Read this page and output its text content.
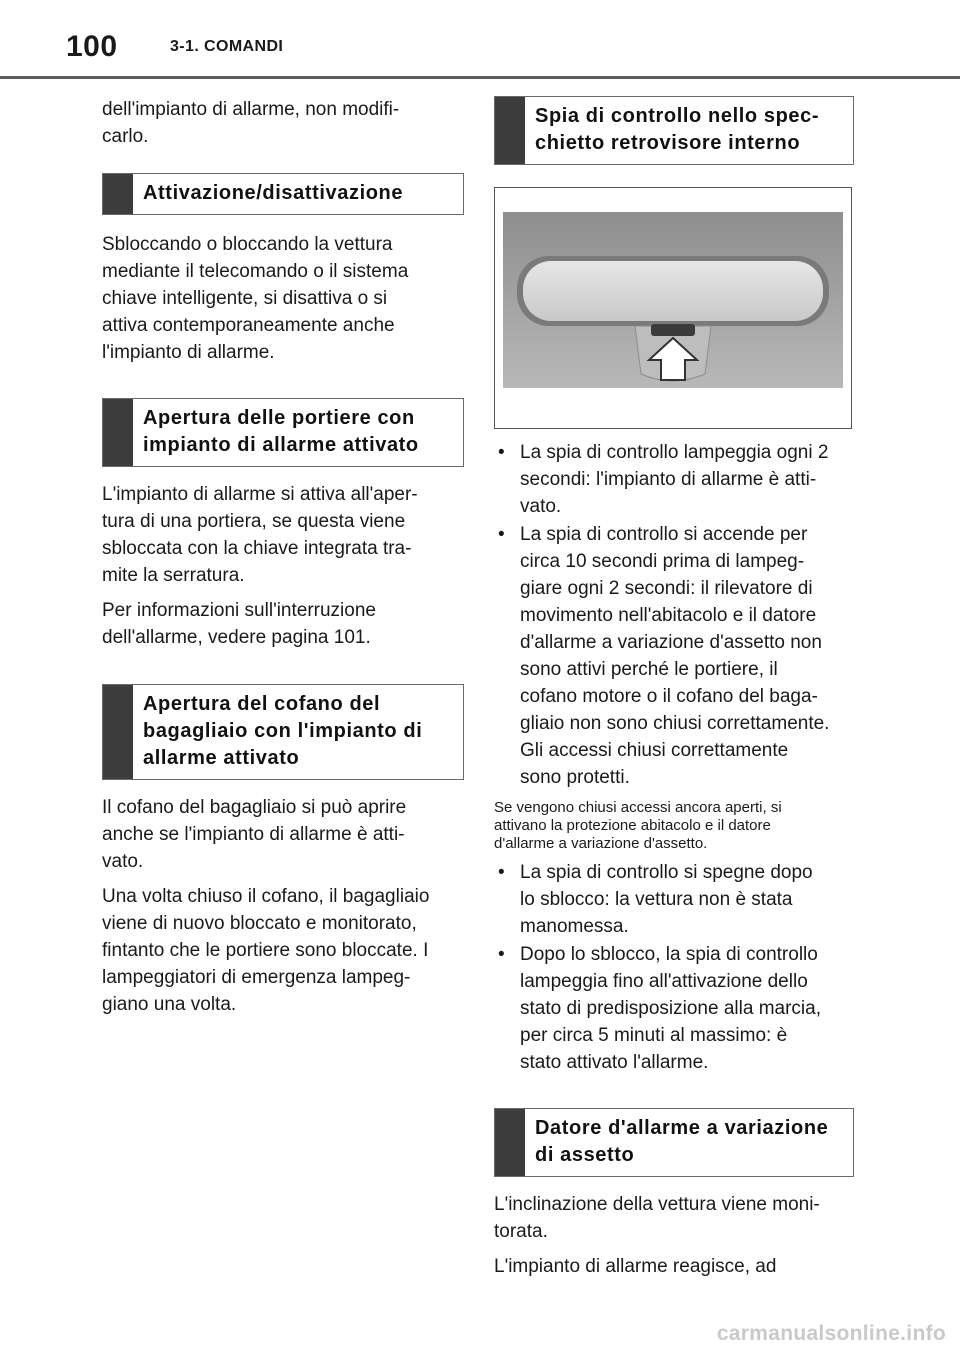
100	3-1. COMANDI

dell'impianto di allarme, non modifi-
carlo.

Attivazione/disattivazione

Sbloccando o bloccando la vettura
mediante il telecomando o il sistema
chiave intelligente, si disattiva o si
attiva contemporaneamente anche
l'impianto di allarme.

Apertura delle portiere con
impianto di allarme attivato

L'impianto di allarme si attiva all'aper-
tura di una portiera, se questa viene
sbloccata con la chiave integrata tra-
mite la serratura.

Per informazioni sull'interruzione
dell'allarme, vedere pagina 101.

Apertura del cofano del
bagagliaio con l'impianto di
allarme attivato

Il cofano del bagagliaio si può aprire
anche se l'impianto di allarme è atti-
vato.

Una volta chiuso il cofano, il bagagliaio
viene di nuovo bloccato e monitorato,
fintanto che le portiere sono bloccate. I
lampeggiatori di emergenza lampeg-
giano una volta.

Spia di controllo nello spec-
chietto retrovisore interno
• La spia di controllo lampeggia ogni 2
secondi: l'impianto di allarme è atti-
vato.
• La spia di controllo si accende per
circa 10 secondi prima di lampeg-
giare ogni 2 secondi: il rilevatore di
movimento nell'abitacolo e il datore
d'allarme a variazione d'assetto non
sono attivi perché le portiere, il
cofano motore o il cofano del baga-
gliaio non sono chiusi correttamente.
Gli accessi chiusi correttamente
sono protetti.

Se vengono chiusi accessi ancora aperti, si
attivano la protezione abitacolo e il datore
d'allarme a variazione d'assetto.

• La spia di controllo si spegne dopo
lo sblocco: la vettura non è stata
manomessa.
• Dopo lo sblocco, la spia di controllo
lampeggia fino all'attivazione dello
stato di predisposizione alla marcia,
per circa 5 minuti al massimo: è
stato attivato l'allarme.
Datore d'allarme a variazione
di assetto

L'inclinazione della vettura viene moni-
torata.

L'impianto di allarme reagisce, ad

carmanualsonline.info
